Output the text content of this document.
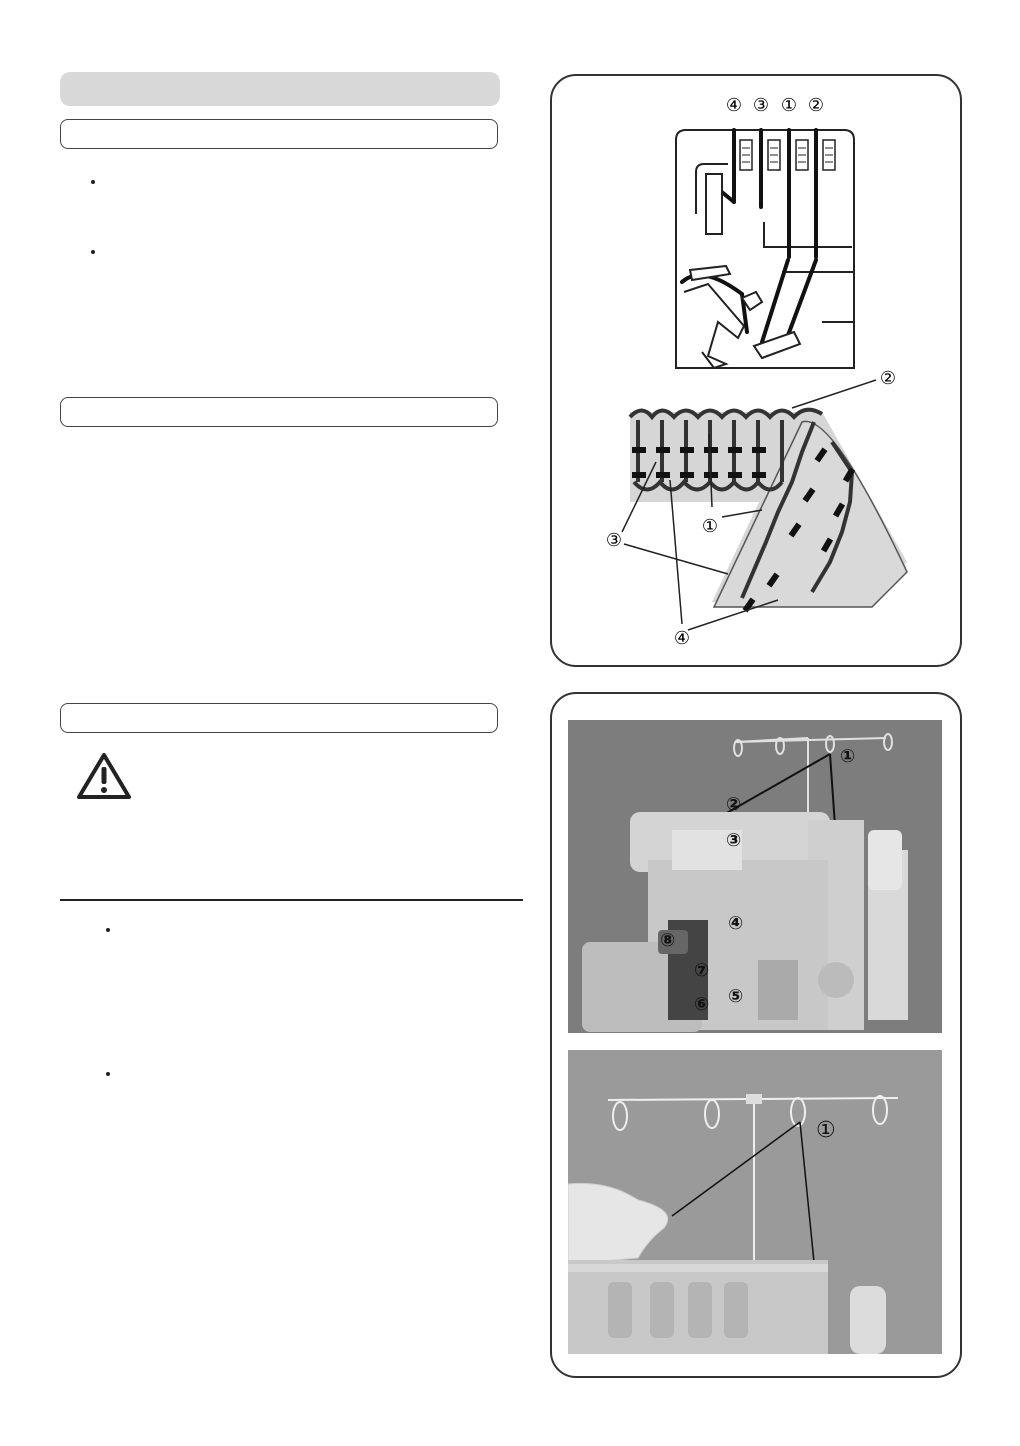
④ ③ ① ②
②
①
③
④
①
②
③
④
⑤
⑥
⑦
⑧
①
